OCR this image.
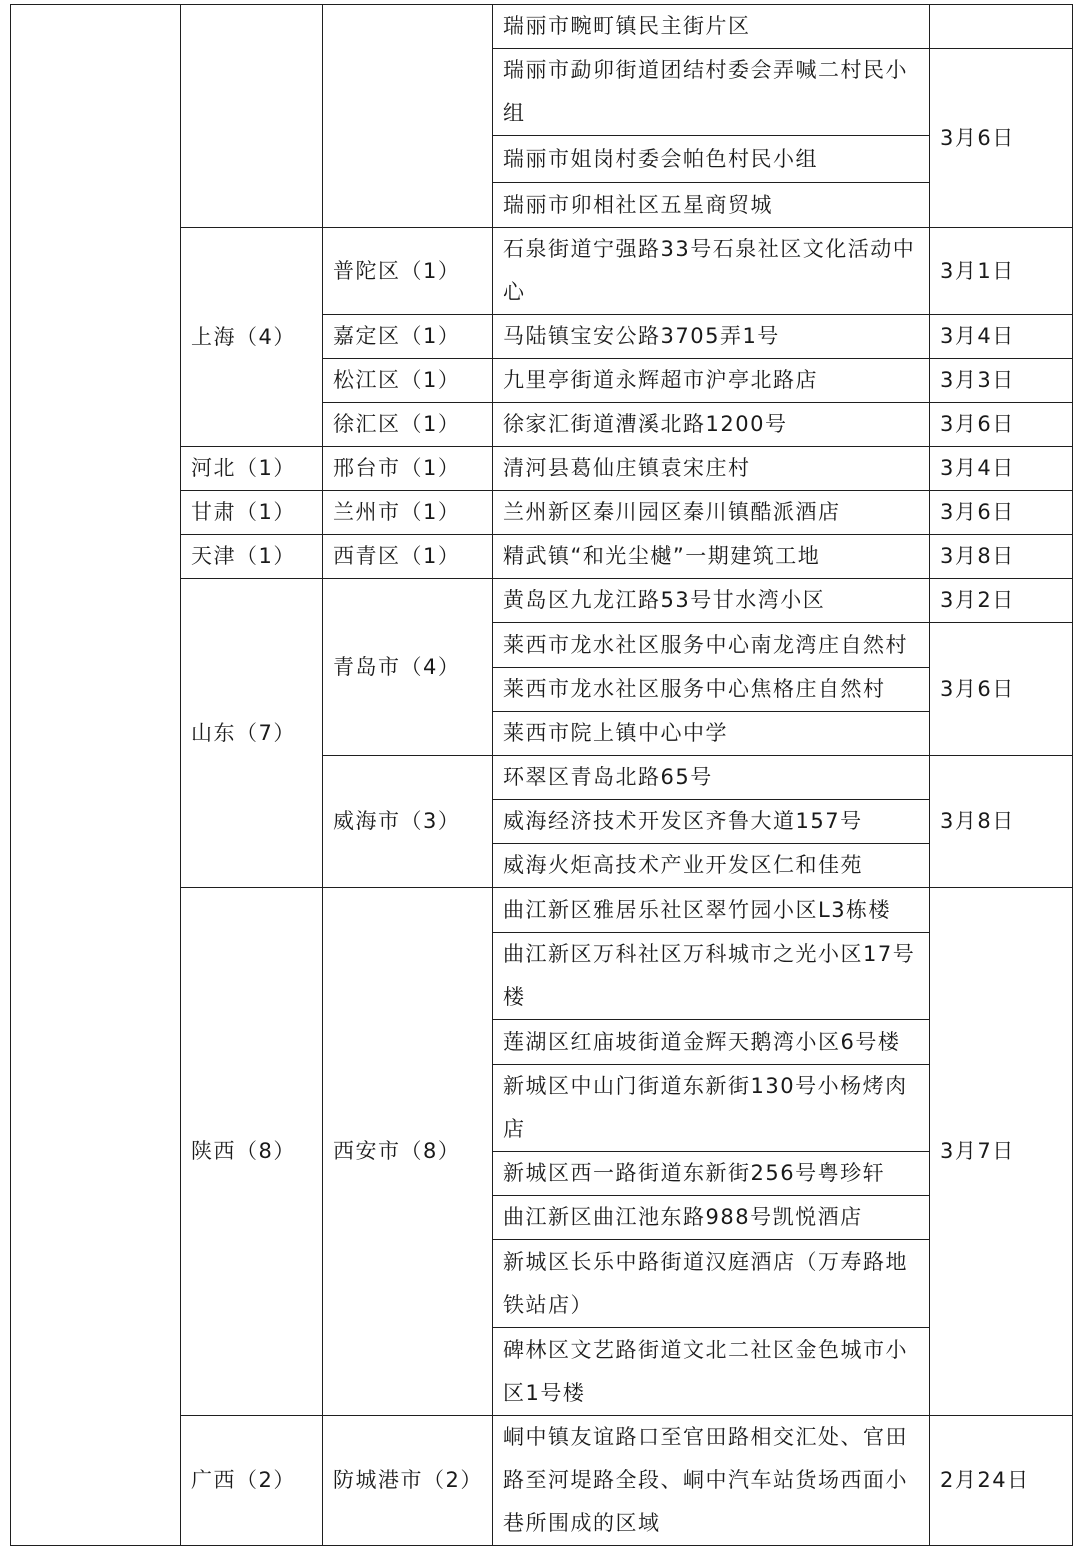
			瑞丽市畹町镇民主街片区	
			瑞丽市勐卯街道团结村委会弄喊二村民小组	3月6日
			瑞丽市姐岗村委会帕色村民小组	
			瑞丽市卯相社区五星商贸城	
	上海（4）	普陀区（1）	石泉街道宁强路33号石泉社区文化活动中心	3月1日
		嘉定区（1）	马陆镇宝安公路3705弄1号	3月4日
		松江区（1）	九里亭街道永辉超市沪亭北路店	3月3日
		徐汇区（1）	徐家汇街道漕溪北路1200号	3月6日
	河北（1）	邢台市（1）	清河县葛仙庄镇袁宋庄村	3月4日
	甘肃（1）	兰州市（1）	兰州新区秦川园区秦川镇酷派酒店	3月6日
	天津（1）	西青区（1）	精武镇“和光尘樾”一期建筑工地	3月8日
	山东（7）	青岛市（4）	黄岛区九龙江路53号甘水湾小区	3月2日
			莱西市龙水社区服务中心南龙湾庄自然村	3月6日
			莱西市龙水社区服务中心焦格庄自然村	
			莱西市院上镇中心中学	
		威海市（3）	环翠区青岛北路65号	3月8日
			威海经济技术开发区齐鲁大道157号	
			威海火炬高技术产业开发区仁和佳苑	
	陕西（8）	西安市（8）	曲江新区雅居乐社区翠竹园小区L3栋楼	3月7日
			曲江新区万科社区万科城市之光小区17号楼	
			莲湖区红庙坡街道金辉天鹅湾小区6号楼	
			新城区中山门街道东新街130号小杨烤肉店	
			新城区西一路街道东新街256号粤珍轩	
			曲江新区曲江池东路988号凯悦酒店	
			新城区长乐中路街道汉庭酒店（万寿路地铁站店）	
			碑林区文艺路街道文北二社区金色城市小区1号楼	
	广西（2）	防城港市（2）	峒中镇友谊路口至官田路相交汇处、官田路至河堤路全段、峒中汽车站货场西面小巷所围成的区域	2月24日
